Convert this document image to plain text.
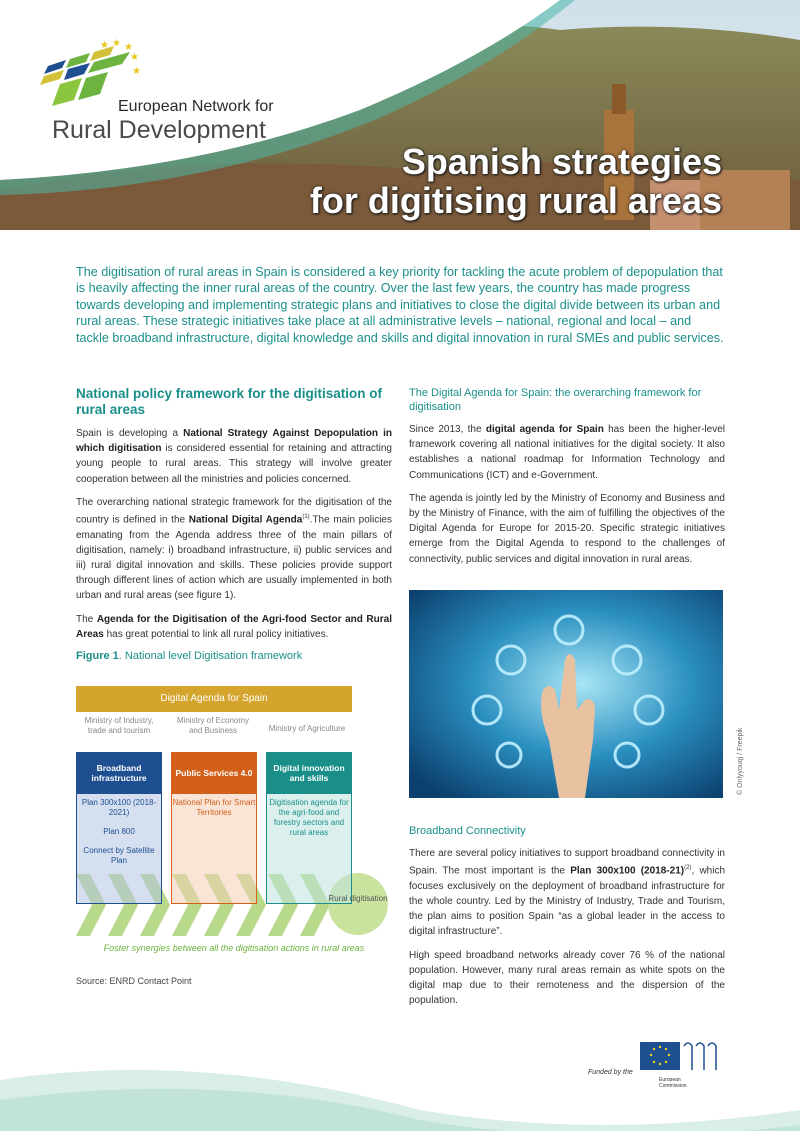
★ ★ ★
★
★
European Network for
Rural Development
Spanish strategies
for digitising rural areas

The digitisation of rural areas in Spain is considered a key priority for tackling the acute problem of depopulation that is heavily affecting the inner rural areas of the country. Over the last few years, the country has made progress towards developing and implementing strategic plans and initiatives to close the digital divide between its urban and rural areas. These strategic initiatives take place at all administrative levels – national, regional and local – and tackle broadband infrastructure, digital knowledge and skills and digital innovation in rural SMEs and public services.

National policy framework for the digitisation of rural areas

Spain is developing a National Strategy Against Depopulation in which digitisation is considered essential for retaining and attracting young people to rural areas. This strategy will involve greater cooperation between all the ministries and policies concerned.

The overarching national strategic framework for the digitisation of the country is defined in the National Digital Agenda$^{(1)}$.The main policies emanating from the Agenda address three of the main pillars of digitisation, namely: i) broadband infrastructure, ii) public services and iii) rural digital innovation and skills. These policies provide support through different lines of action which are usually implemented in both urban and rural areas (see figure 1).

The Agenda for the Digitisation of the Agri-food Sector and Rural Areas has great potential to link all rural policy initiatives.

Figure 1. National level Digitisation framework
Digital Agenda for Spain
Ministry of Industry, trade and tourism
Ministry of Economy and Business	Ministry of Agriculture
Broadband infrastructure	Public Services 4.0	Digital innovation and skills
Plan 300x100 (2018-2021)
Plan 800
Connect by Satellite Plan
National Plan for Smart Territories
Digitisation agenda for the agri-food and forestry sectors and rural areas
Rural digitisation
Foster synergies between all the digitisation actions in rural areas
Source: ENRD Contact Point
The Digital Agenda for Spain: the overarching framework for digitisation

Since 2013, the digital agenda for Spain has been the higher-level framework covering all national initiatives for the digital society. It also establishes a national roadmap for Information Technology and Communications (ICT) and e-Government.

The agenda is jointly led by the Ministry of Economy and Business and by the Ministry of Finance, with the aim of fulfilling the objectives of the Digital Agenda for Europe for 2015-20. Specific strategic initiatives emerge from the Digital Agenda to respond to the challenges of connectivity, public services and digital innovation in rural areas.

© Onlyyouqj / Freepik
Broadband Connectivity

There are several policy initiatives to support broadband connectivity in Spain. The most important is the Plan 300x100 (2018-21)$^{(2)}$, which focuses exclusively on the deployment of broadband infrastructure for the whole country. Led by the Ministry of Industry, Trade and Tourism, the plan aims to position Spain “as a global leader in the access to digital infrastructure”.

High speed broadband networks already cover 76 % of the national population. However, many rural areas remain as white spots on the digital map due to their remoteness and the dispersion of the population.

Funded by the
European
Commission
